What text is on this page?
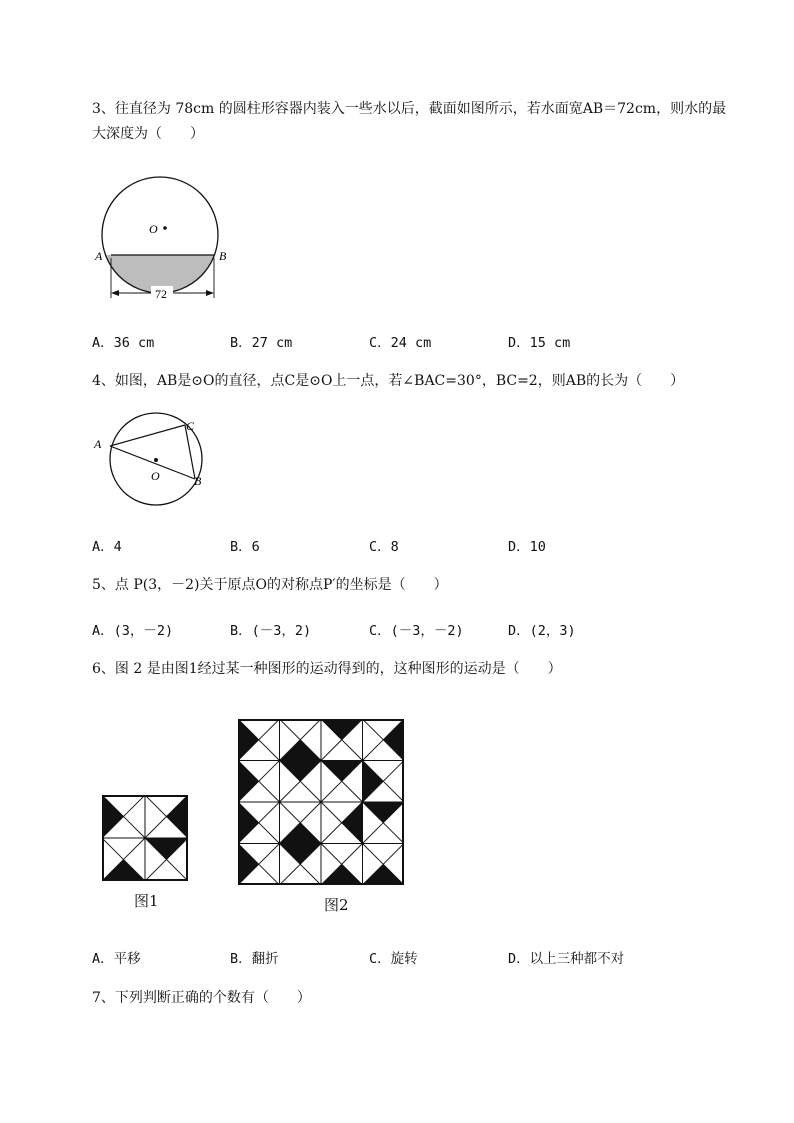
3、往直径为 78cm 的圆柱形容器内装入一些水以后，截面如图所示，若水面宽AB＝72cm，则水的最
大深度为（　　）
O
A	B
72
A．36 cm	B．27 cm	C．24 cm	D．15 cm
4、如图，AB是⊙O的直径，点C是⊙O上一点，若∠BAC=30°，BC=2，则AB的长为（　　）
A
C
B
O
A．4	B．6	C．8	D．10
5、点 P(3，－2)关于原点O的对称点P′的坐标是（　　）
A．(3，－2)	B．(－3，2)	C．(－3，－2)	D．(2，3)
6、图 2 是由图1经过某一种图形的运动得到的，这种图形的运动是（　　）
图1	图2
A．平移	B．翻折	C．旋转	D．以上三种都不对
7、下列判断正确的个数有（　　）
